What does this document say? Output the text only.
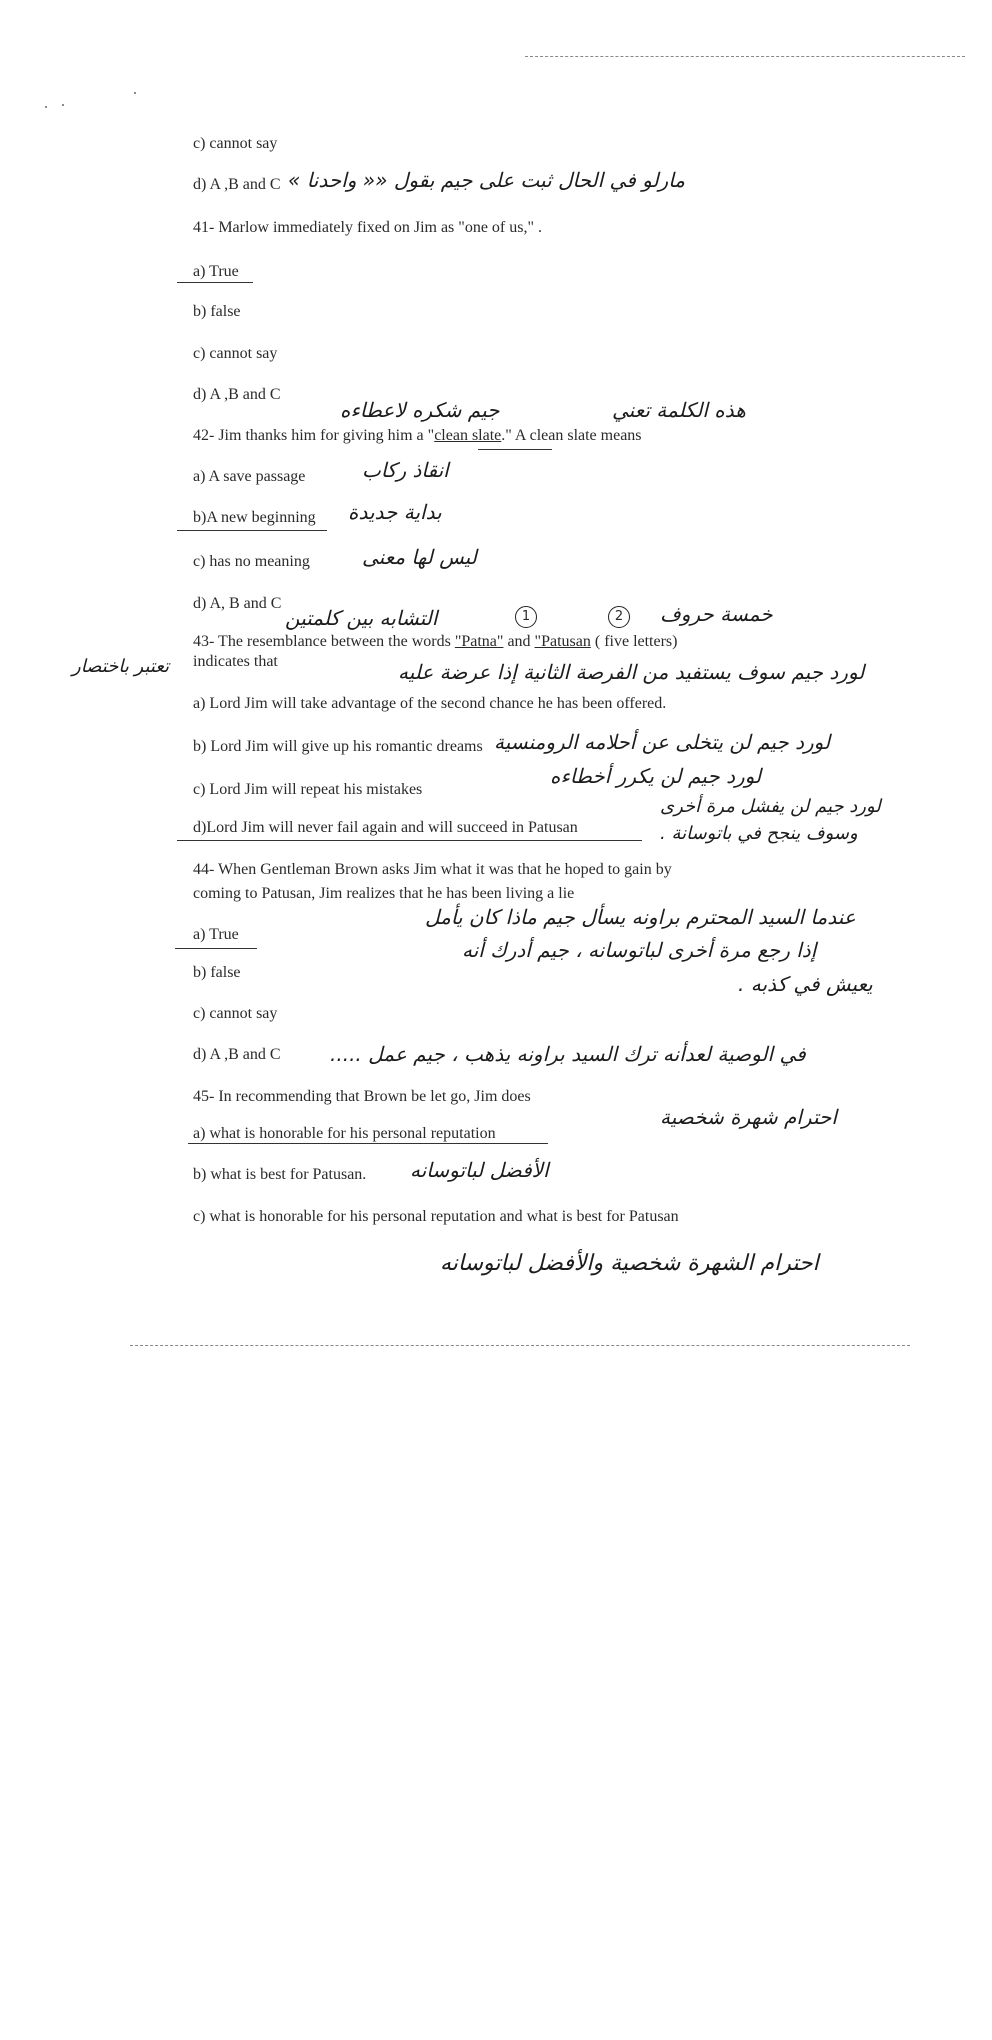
c) cannot say
d) A ,B and C مارلو في الحال ثبت على جيم بقول «« واحدنا »
41- Marlow immediately fixed on Jim as "one of us," .
a) True
b) false
c) cannot say
d) A ,B and C
جيم شكره لاعطاءه	هذه الكلمة تعني
42- Jim thanks him for giving him a "clean slate." A clean slate means
a) A save passage	انقاذ ركاب
b)A new beginning بداية جديدة
c) has no meaning	ليس لها معنى
d) A, B and C
التشابه بين كلمتين	1	2	خمسة حروف
43- The resemblance between the words "Patna" and "Patusan ( five letters)
indicates that
تعتبر باختصار	لورد جيم سوف يستفيد من الفرصة الثانية إذا عرضة عليه
a) Lord Jim will take advantage of the second chance he has been offered.
b) Lord Jim will give up his romantic dreams لورد جيم لن يتخلى عن أحلامه الرومنسية
لورد جيم لن يكرر أخطاءه
c) Lord Jim will repeat his mistakes
لورد جيم لن يفشل مرة أخرى
d)Lord Jim will never fail again and will succeed in Patusan	وسوف ينجح في باتوسانة .
44- When Gentleman Brown asks Jim what it was that he hoped to gain by
coming to Patusan, Jim realizes that he has been living a lie
عندما السيد المحترم براونه يسأل جيم ماذا كان يأمل
a) True
إذا رجع مرة أخرى لباتوسانه ، جيم أدرك أنه
b) false	يعيش في كذبه .
c) cannot say
d) A ,B and C في الوصية لعدأنه ترك السيد براونه يذهب ، جيم عمل .....
45- In recommending that Brown be let go, Jim does
a) what is honorable for his personal reputation
احترام شهرة شخصية
b) what is best for Patusan. الأفضل لباتوسانه
c) what is honorable for his personal reputation and what is best for Patusan
احترام الشهرة شخصية والأفضل لباتوسانه
